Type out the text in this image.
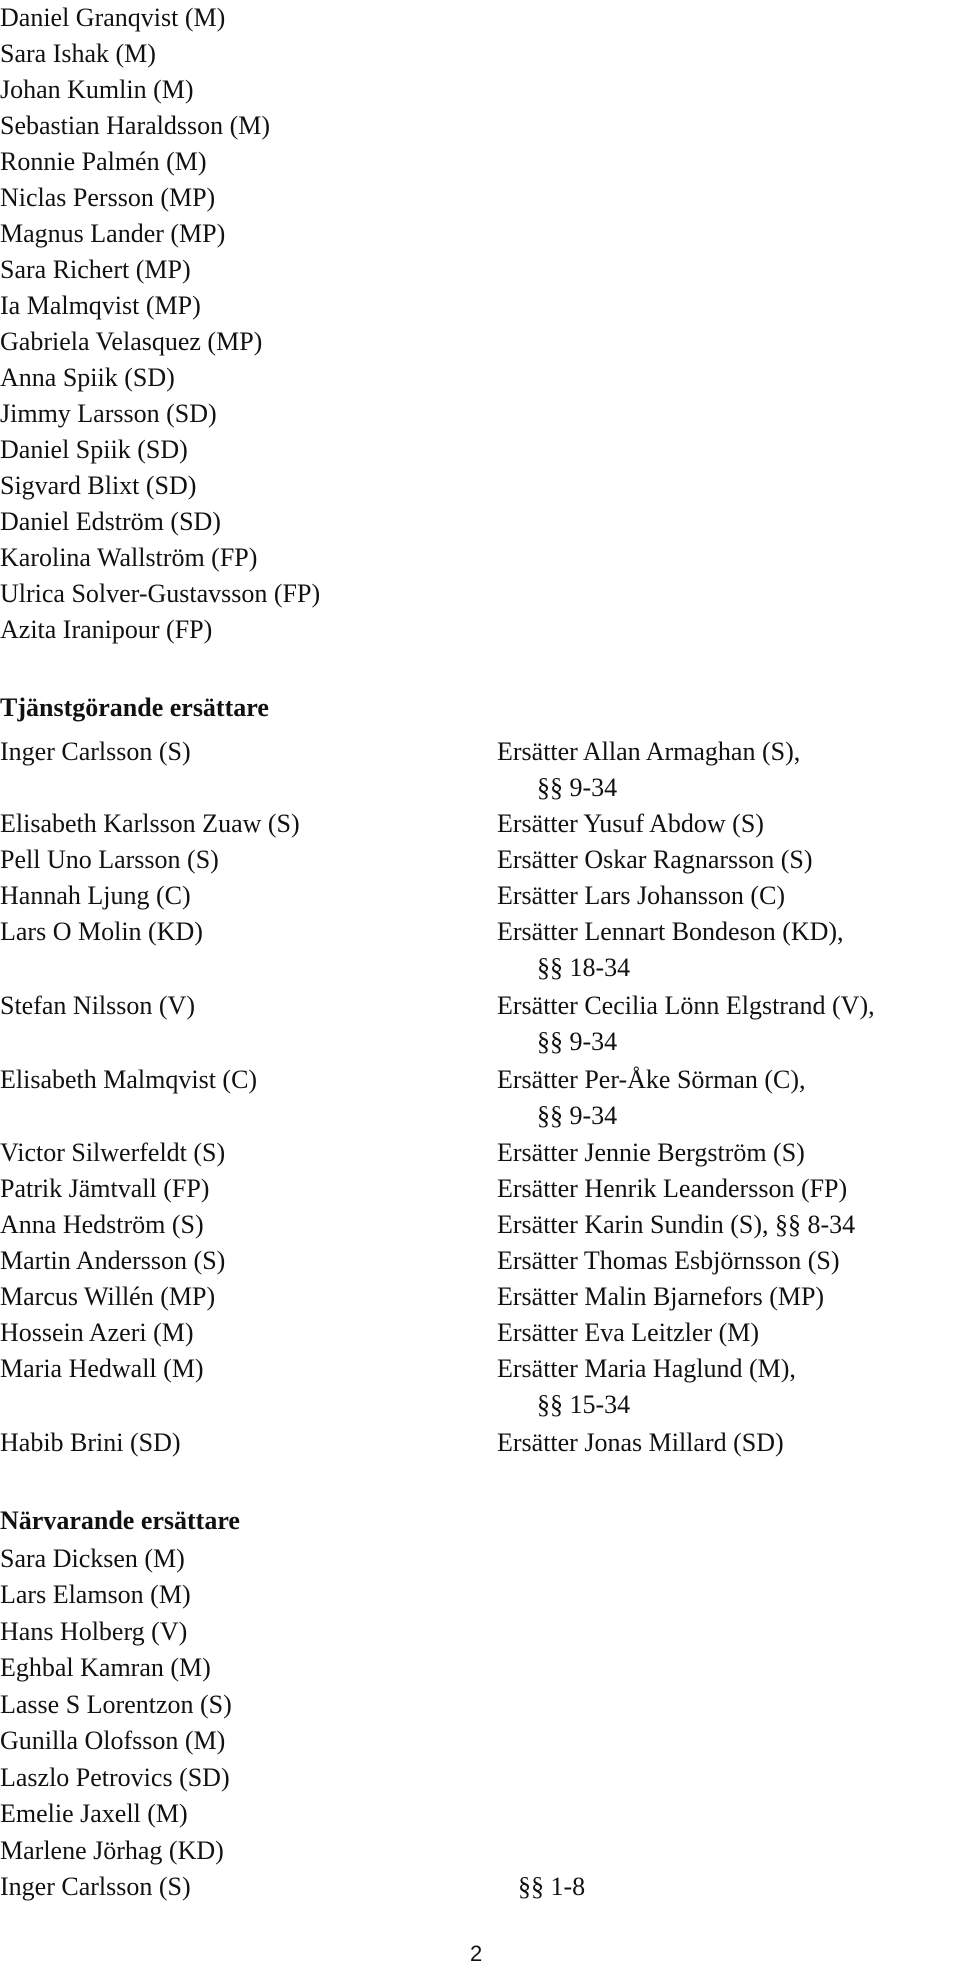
Daniel Granqvist (M)
Sara Ishak (M)
Johan Kumlin (M)
Sebastian Haraldsson (M)
Ronnie Palmén (M)
Niclas Persson (MP)
Magnus Lander (MP)
Sara Richert (MP)
Ia Malmqvist (MP)
Gabriela Velasquez (MP)
Anna Spiik (SD)
Jimmy Larsson (SD)
Daniel Spiik (SD)
Sigvard Blixt (SD)
Daniel Edström (SD)
Karolina Wallström (FP)
Ulrica Solver-Gustavsson (FP)
Azita Iranipour (FP)
Tjänstgörande ersättare
Inger Carlsson (S)	Ersätter Allan Armaghan (S),
§§ 9-34
Elisabeth Karlsson Zuaw (S)	Ersätter Yusuf Abdow (S)
Pell Uno Larsson (S)	Ersätter Oskar Ragnarsson (S)
Hannah Ljung (C)	Ersätter Lars Johansson (C)
Lars O Molin (KD)	Ersätter Lennart Bondeson (KD),
§§ 18-34
Stefan Nilsson (V)	Ersätter Cecilia Lönn Elgstrand (V),
§§ 9-34
Elisabeth Malmqvist (C)	Ersätter Per-Åke Sörman (C),
§§ 9-34
Victor Silwerfeldt (S)	Ersätter Jennie Bergström (S)
Patrik Jämtvall (FP)	Ersätter Henrik Leandersson (FP)
Anna Hedström (S)	Ersätter Karin Sundin (S), §§ 8-34
Martin Andersson (S)	Ersätter Thomas Esbjörnsson (S)
Marcus Willén (MP)	Ersätter Malin Bjarnefors (MP)
Hossein Azeri (M)	Ersätter Eva Leitzler (M)
Maria Hedwall (M)	Ersätter Maria Haglund (M),
§§ 15-34
Habib Brini (SD)	Ersätter Jonas Millard (SD)
Närvarande ersättare
Sara Dicksen (M)
Lars Elamson (M)
Hans Holberg (V)
Eghbal Kamran (M)
Lasse S Lorentzon (S)
Gunilla Olofsson (M)
Laszlo Petrovics (SD)
Emelie Jaxell (M)
Marlene Jörhag (KD)
Inger Carlsson (S)	§§ 1-8
2
